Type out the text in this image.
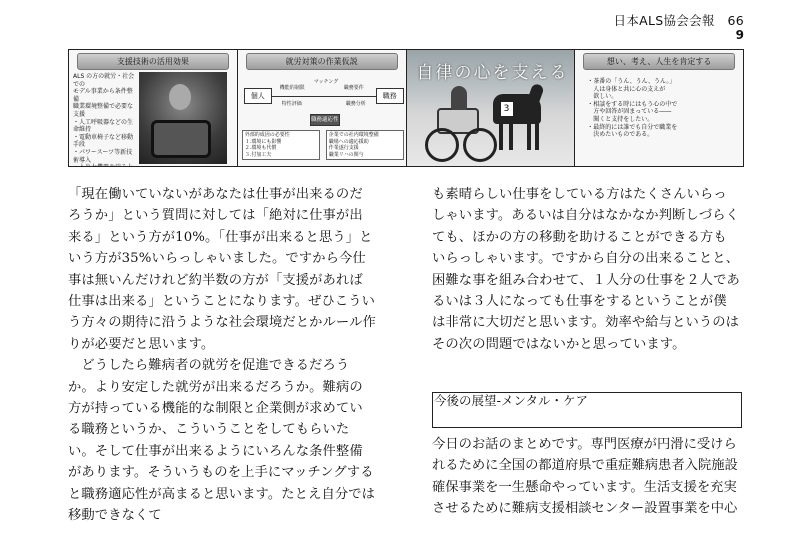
日本ALS協会会報　66
9
支援技術の活用効果
ALS の方の就労・社会での
モデル事業から条件整備
職業環境整備で必要な支援
・人工呼吸器などの生命維持
・電動車椅子など移動手段
・パワースーツ等新技術導入
就労対策の作業仮説
個人	職務
機能的制限
特性評価
職務要件
職務分析
マッチング
職務適応性
外部的成因の必要性
１.環境にも影響
２.環境も代償
３.付加工夫
企業での社内環境整備
職場への適応援助
作業遂行支援
職業リハの関与
自律の心を支える
3
想い、考え、人生を肯定する
・茶番の「うん、うん、うん。」
　人は身体と共に心の支えが
　欲しい。
・相談をする時にはもう心の中で
　方や回答が固まっている――
　聞くと支持をしたい。
・最終的には誰でも自分で職業を
　決めたいものである。

「現在働いていないがあなたは仕事が出来るのだろうか」という質問に対しては「絶対に仕事が出来る」という方が10%。「仕事が出来ると思う」という方が35%いらっしゃいました。ですから今仕事は無いんだけれど約半数の方が「支援があれば仕事は出来る」ということになります。ぜひこういう方々の期待に沿うような社会環境だとかルール作りが必要だと思います。

どうしたら難病者の就労を促進できるだろうか。より安定した就労が出来るだろうか。難病の方が持っている機能的な制限と企業側が求めている職務というか、こういうことをしてもらいたい。そして仕事が出来るようにいろんな条件整備があります。そういうものを上手にマッチングすると職務適応性が高まると思います。たとえ自分では移動できなくて

も素晴らしい仕事をしている方はたくさんいらっしゃいます。あるいは自分はなかなか判断しづらくても、ほかの方の移動を助けることができる方もいらっしゃいます。ですから自分の出来ることと、困難な事を組み合わせて、１人分の仕事を２人であるいは３人になっても仕事をするということが僕は非常に大切だと思います。効率や給与というのはその次の問題ではないかと思っています。

今後の展望-メンタル・ケア

今日のお話のまとめです。専門医療が円滑に受けられるために全国の都道府県で重症難病患者入院施設確保事業を一生懸命やっています。生活支援を充実させるために難病支援相談センター設置事業を中心
